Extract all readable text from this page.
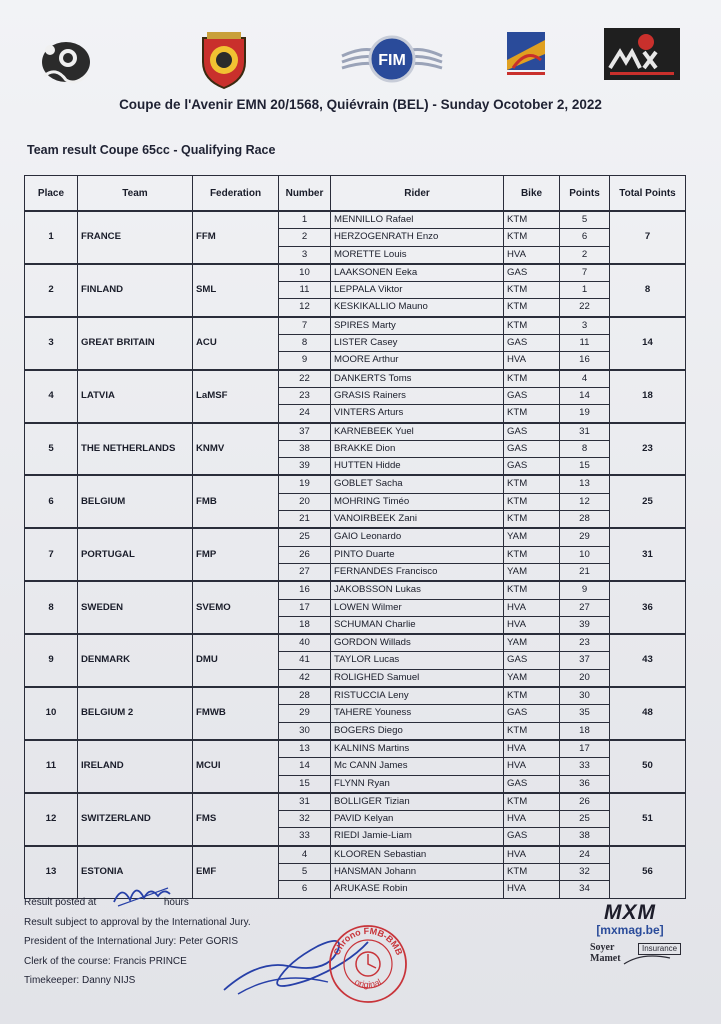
FIM
Coupe de l'Avenir EMN 20/1568, Quiévrain (BEL) - Sunday Ocotober 2, 2022
Team result Coupe 65cc - Qualifying Race
Place	Team	Federation	Number	Rider	Bike	Points	Total Points
1	FRANCE	FFM	1	MENNILLO Rafael	KTM	5	7
			2	HERZOGENRATH Enzo	KTM	6	
			3	MORETTE Louis	HVA	2	
2	FINLAND	SML	10	LAAKSONEN Eeka	GAS	7	8
			11	LEPPALA Viktor	KTM	1	
			12	KESKIKALLIO Mauno	KTM	22	
3	GREAT BRITAIN	ACU	7	SPIRES Marty	KTM	3	14
			8	LISTER Casey	GAS	11	
			9	MOORE Arthur	HVA	16	
4	LATVIA	LaMSF	22	DANKERTS Toms	KTM	4	18
			23	GRASIS Rainers	GAS	14	
			24	VINTERS Arturs	KTM	19	
5	THE NETHERLANDS	KNMV	37	KARNEBEEK Yuel	GAS	31	23
			38	BRAKKE Dion	GAS	8	
			39	HUTTEN Hidde	GAS	15	
6	BELGIUM	FMB	19	GOBLET Sacha	KTM	13	25
			20	MOHRING Timéo	KTM	12	
			21	VANOIRBEEK Zani	KTM	28	
7	PORTUGAL	FMP	25	GAIO Leonardo	YAM	29	31
			26	PINTO Duarte	KTM	10	
			27	FERNANDES Francisco	YAM	21	
8	SWEDEN	SVEMO	16	JAKOBSSON Lukas	KTM	9	36
			17	LOWEN Wilmer	HVA	27	
			18	SCHUMAN Charlie	HVA	39	
9	DENMARK	DMU	40	GORDON Willads	YAM	23	43
			41	TAYLOR Lucas	GAS	37	
			42	ROLIGHED Samuel	YAM	20	
10	BELGIUM 2	FMWB	28	RISTUCCIA Leny	KTM	30	48
			29	TAHERE Youness	GAS	35	
			30	BOGERS Diego	KTM	18	
11	IRELAND	MCUI	13	KALNINS Martins	HVA	17	50
			14	Mc CANN James	HVA	33	
			15	FLYNN Ryan	GAS	36	
12	SWITZERLAND	FMS	31	BOLLIGER Tizian	KTM	26	51
			32	PAVID Kelyan	HVA	25	
			33	RIEDI Jamie-Liam	GAS	38	
13	ESTONIA	EMF	4	KLOOREN Sebastian	HVA	24	56
			5	HANSMAN Johann	KTM	32	
			6	ARUKASE Robin	HVA	34	
Result posted at	hours
Result subject to approval by the International Jury.
President of the International Jury: Peter GORIS
Clerk of the course: Francis PRINCE
Timekeeper: Danny NIJS
Chrono FMB-BMB
original
MXM
[mxmag.be]
Soyer
Mamet
Insurance
